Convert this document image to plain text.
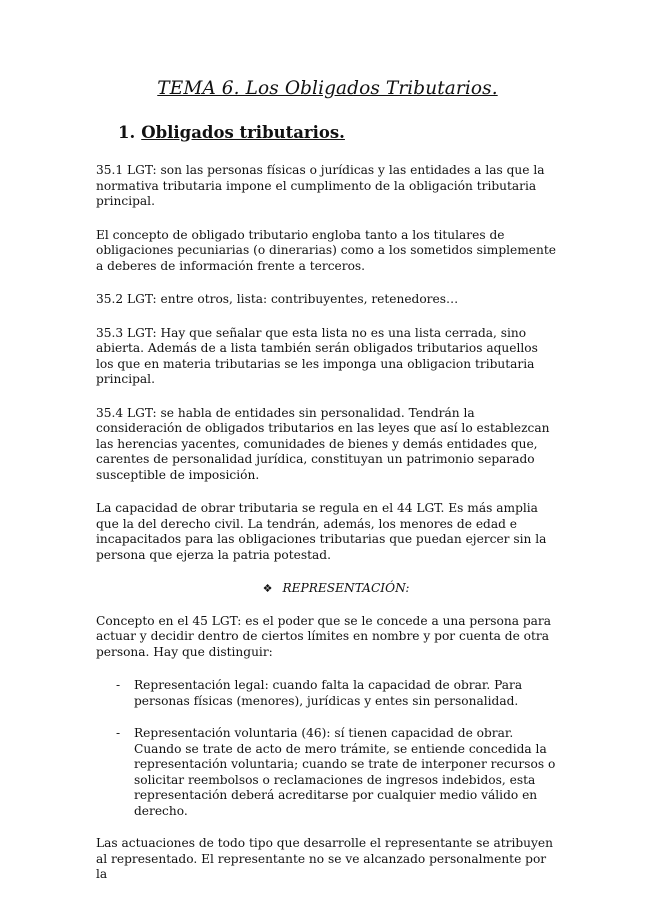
TEMA 6. Los Obligados Tributarios.
1. Obligados tributarios.

35.1 LGT: son las personas físicas o jurídicas y las entidades a las que la normativa tributaria impone el cumplimento de la obligación tributaria principal.

El concepto de obligado tributario engloba tanto a los titulares de obligaciones pecuniarias (o dinerarias) como a los sometidos simplemente a deberes de información frente a terceros.

35.2 LGT: entre otros, lista: contribuyentes, retenedores…

35.3 LGT: Hay que señalar que esta lista no es una lista cerrada, sino abierta. Además de a lista también serán obligados tributarios aquellos los que en materia tributarias se les imponga una obligacion tributaria principal.

35.4 LGT: se habla de entidades sin personalidad. Tendrán la consideración de obligados tributarios en las leyes que así lo establezcan las herencias yacentes, comunidades de bienes y demás entidades que, carentes de personalidad jurídica, constituyan un patrimonio separado susceptible de imposición.

La capacidad de obrar tributaria se regula en el 44 LGT. Es más amplia que la del derecho civil. La tendrán, además, los menores de edad e incapacitados para las obligaciones tributarias que puedan ejercer sin la persona que ejerza la patria potestad.

❖ REPRESENTACIÓN:

Concepto en el 45 LGT: es el poder que se le concede a una persona para actuar y decidir dentro de ciertos límites en nombre y por cuenta de otra persona. Hay que distinguir:

- Representación legal: cuando falta la capacidad de obrar. Para personas físicas (menores), jurídicas y entes sin personalidad.
- Representación voluntaria (46): sí tienen capacidad de obrar. Cuando se trate de acto de mero trámite, se entiende concedida la representación voluntaria; cuando se trate de interponer recursos o solicitar reembolsos o reclamaciones de ingresos indebidos, esta representación deberá acreditarse por cualquier medio válido en derecho.

Las actuaciones de todo tipo que desarrolle el representante se atribuyen al representado. El representante no se ve alcanzado personalmente por la
